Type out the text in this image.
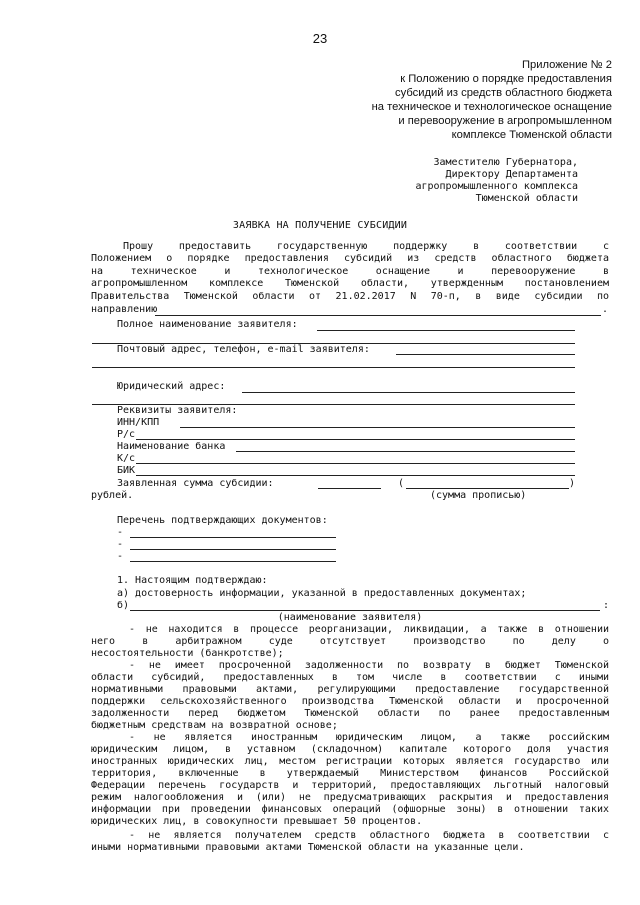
23
Приложение № 2
к Положению о порядке предоставления
субсидий из средств областного бюджета
на техническое и технологическое оснащение
и перевооружение в агропромышленном
комплексе Тюменской области
Заместителю Губернатора,
Директору Департамента
агропромышленного комплекса
Тюменской области
ЗАЯВКА НА ПОЛУЧЕНИЕ СУБСИДИИ
Прошу предоставить государственную поддержку в соответствии с
Положением о порядке предоставления субсидий из средств областного бюджета
на техническое и технологическое оснащение и перевооружение в
агропромышленном комплексе Тюменской области, утвержденным постановлением
Правительства Тюменской области от 21.02.2017 N 70-п, в виде субсидии по
направлению	.
Полное наименование заявителя:
Почтовый адрес, телефон, e-mail заявителя:
Юридический адрес:
Реквизиты заявителя:
ИНН/КПП
Р/с
Наименование банка
К/с
БИК
Заявленная сумма субсидии:	(	)
рублей.	(сумма прописью)
Перечень подтверждающих документов:
-
-
-
1. Настоящим подтверждаю:
а) достоверность информации, указанной в предоставленных документах;
б)	:
(наименование заявителя)
- не находится в процессе реорганизации, ликвидации, а также в отношении
него в арбитражном суде отсутствует производство по делу о
несостоятельности (банкротстве);
- не имеет просроченной задолженности по возврату в бюджет Тюменской
области субсидий, предоставленных в том числе в соответствии с иными
нормативными правовыми актами, регулирующими предоставление государственной
поддержки сельскохозяйственного производства Тюменской области и просроченной
задолженности перед бюджетом Тюменской области по ранее предоставленным
бюджетным средствам на возвратной основе;
- не является иностранным юридическим лицом, а также российским
юридическим лицом, в уставном (складочном) капитале которого доля участия
иностранных юридических лиц, местом регистрации которых является государство или
территория, включенные в утверждаемый Министерством финансов Российской
Федерации перечень государств и территорий, предоставляющих льготный налоговый
режим налогообложения и (или) не предусматривающих раскрытия и предоставления
информации при проведении финансовых операций (офшорные зоны) в отношении таких
юридических лиц, в совокупности превышает 50 процентов.
- не является получателем средств областного бюджета в соответствии с
иными нормативными правовыми актами Тюменской области на указанные цели.
